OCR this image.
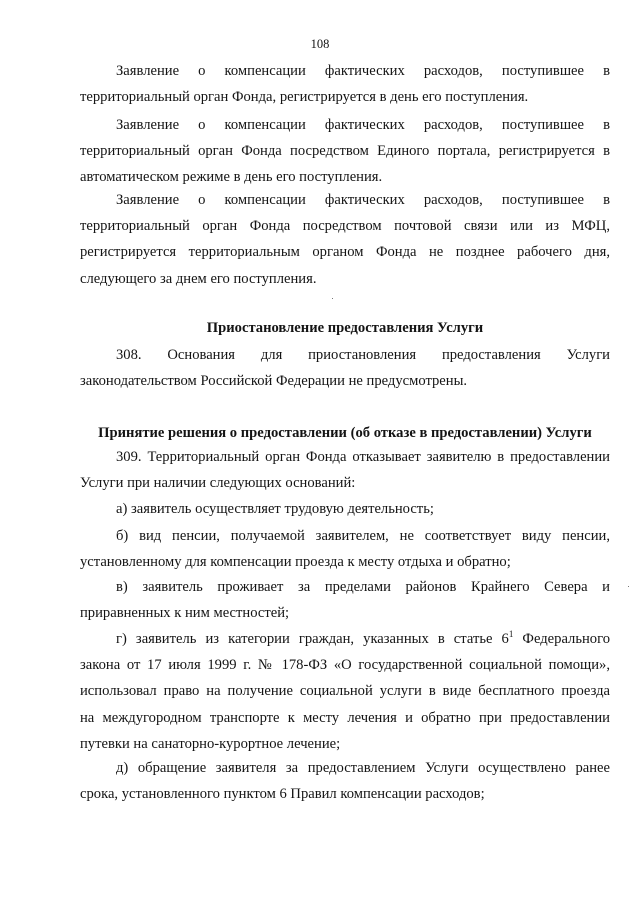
108

Заявление о компенсации фактических расходов, поступившее в

территориальный орган Фонда, регистрируется в день его поступления.

Заявление о компенсации фактических расходов, поступившее в

территориальный орган Фонда посредством Единого портала, регистрируется в

автоматическом режиме в день его поступления.

Заявление о компенсации фактических расходов, поступившее в

территориальный орган Фонда посредством почтовой связи или из МФЦ,

регистрируется территориальным органом Фонда не позднее рабочего дня,

следующего за днем его поступления.

Приостановление предоставления Услуги

308. Основания для приостановления предоставления Услуги

законодательством Российской Федерации не предусмотрены.

Принятие решения о предоставлении (об отказе в предоставлении) Услуги

309. Территориальный орган Фонда отказывает заявителю в предоставлении

Услуги при наличии следующих оснований:

а) заявитель осуществляет трудовую деятельность;

б) вид пенсии, получаемой заявителем, не соответствует виду пенсии,

установленному для компенсации проезда к месту отдыха и обратно;

в) заявитель проживает за пределами районов Крайнего Севера и

приравненных к ним местностей;

г) заявитель из категории граждан, указанных в статье $6^1$ Федерального

закона от 17 июля 1999 г. № 178-ФЗ «О государственной социальной помощи»,

использовал право на получение социальной услуги в виде бесплатного проезда

на междугородном транспорте к месту лечения и обратно при предоставлении

путевки на санаторно-курортное лечение;

д) обращение заявителя за предоставлением Услуги осуществлено ранее

срока, установленного пунктом 6 Правил компенсации расходов;
